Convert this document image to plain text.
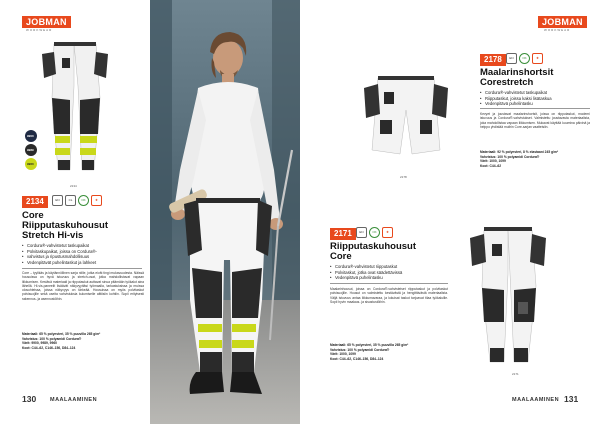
JOBMAN
WORKWEAR
9900
9989
9960
2134
2134	EN	CL	OK	✚
Core
Riipputaskuhousut
Stretch Hi-vis
• Cordura®-vahvistetut taskupaikat
• Polvitaskupaikat, joissa on Cordura®-
• vahvistus ja ripustusmahdollisuus
• Vedenpitävät puhelintaskut ja lahkeet
Core – tyylikäs ja käytännöllinen sarja niille, jotka eivät tingi mukavuudesta. Näissä housuissa on hyvä istuvuus ja stretch-osat, jotka mahdollistavat vapaan liikkumisen. Kestävä materiaali ja riipputaskut auttavat sinua pitämään työkalut aina lähellä. Hi-vis-paneelit lisäävät näkyvyyttäsi työmaalla, tarkastuksissa ja muissa olosuhteissa, joissa näkyvyys on tärkeää. Housuissa on myös polvitaskut polvisuojille sekä useita vahvistuksia kulumiselle alttiisiin kohtiin. Sopii erityisesti rakennus- ja asennustöihin.
Materiaali: 65 % polyesteri, 35 % puuvilla 265 g/m²
Vahvistus: 100 % polyamidi Cordura®
Värit: 9900, 9989, 9960
Koot: C44–62, C146–156, D84–124
130	MAALAAMINEN
JOBMAN
WORKWEAR
2178
2178	EN	OK	✚
Maalarinshortsit
Corestretch
• Cordura®-vahvistetut taskupaikat
• Riipputaskut, joissa kaksi lisätaskua
• Vedenpitävä puhelintasku
Kevyet ja joustavat maalarinshortsit, joissa on riipputaskut, moderni istuvuus ja Cordura®-vahvistukset. Valmistettu joustavasta materiaalista, joka mahdollistaa vapaan liikkumisen. Mukavat käyttää kuumina päivinä ja helppo yhdistää muihin Core-sarjan vaatteisiin.
Materiaali: 92 % polyesteri, 8 % elastaani 245 g/m²
Vahvistus: 100 % polyamidi Cordura®
Värit: 1000, 1099
Koot: C44–62
2171	EN	OK	✚
Riipputaskuhousut
Core
• Cordura®-vahvistetut riipputaskut
• Polvitaskut, jotka ovat säädettävissä
• Vedenpitävä puhelintasku
Maalarinhousut, joissa on Cordura®-vahvisteiset riipputaskut ja polvitaskut polvisuojille. Housut on valmistettu kestävästä ja hengittävästä materiaalista. Väljä istuvuus antaa liikkumavaraa, ja lukuisat taskut tarjoavat tilaa työkaluille. Sopii hyvin maalaus- ja sisustustöihin.
Materiaali: 65 % polyesteri, 35 % puuvilla 265 g/m²
Vahvistus: 100 % polyamidi Cordura®
Värit: 1000, 1099
Koot: C44–62, C146–156, D84–124
2171
MAALAAMINEN 131
